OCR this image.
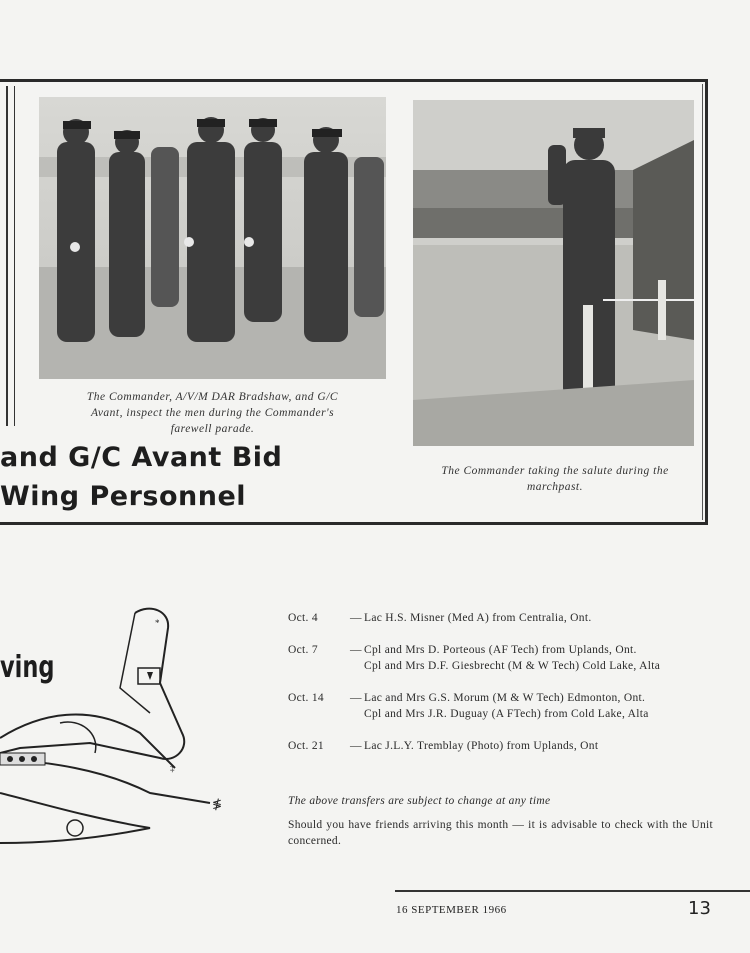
The Commander, A/V/M DAR Bradshaw, and G/C
Avant, inspect the men during the Commander's
farewell parade.
The Commander taking the salute during the
marchpast.
and G/C Avant Bid
Wing Personnel
ving
*
≸
‡
Oct. 4	— Lac H.S. Misner (Med A) from Centralia, Ont.
Oct. 7	— Cpl and Mrs D. Porteous (AF Tech) from Uplands, Ont.
Cpl and Mrs D.F. Giesbrecht (M & W Tech) Cold Lake, Alta
Oct. 14	— Lac and Mrs G.S. Morum (M & W Tech) Edmonton, Ont.
Cpl and Mrs J.R. Duguay (A FTech) from Cold Lake, Alta
Oct. 21	— Lac J.L.Y. Tremblay (Photo) from Uplands, Ont
The above transfers are subject to change at any time
Should you have friends arriving this month — it is advisable to check with the Unit concerned.
16 SEPTEMBER 1966	13
